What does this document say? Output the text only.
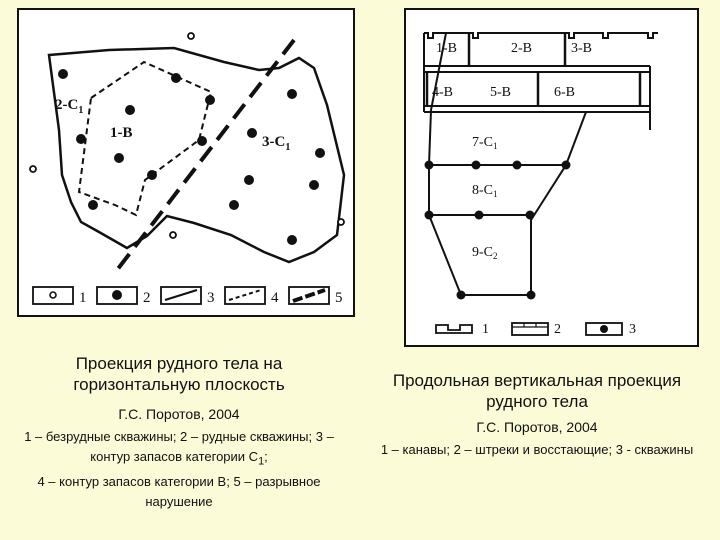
$2-C_1$
1-B
$3-C_1$
1	2	3	4	5
1-B	2-B	3-B
4-B	5-B	6-B
$7-C_1$
$8-C_1$
$9-C_2$
1	2	3

Проекция рудного тела на горизонтальную плоскость

Г.С. Поротов, 2004

1 – безрудные скважины; 2 – рудные скважины; 3 – контур запасов категории $С_1$;

4 – контур запасов категории В; 5 – разрывное нарушение

Продольная вертикальная проекция рудного тела

Г.С. Поротов, 2004

1 – канавы; 2 – штреки и восстающие; 3 - скважины
